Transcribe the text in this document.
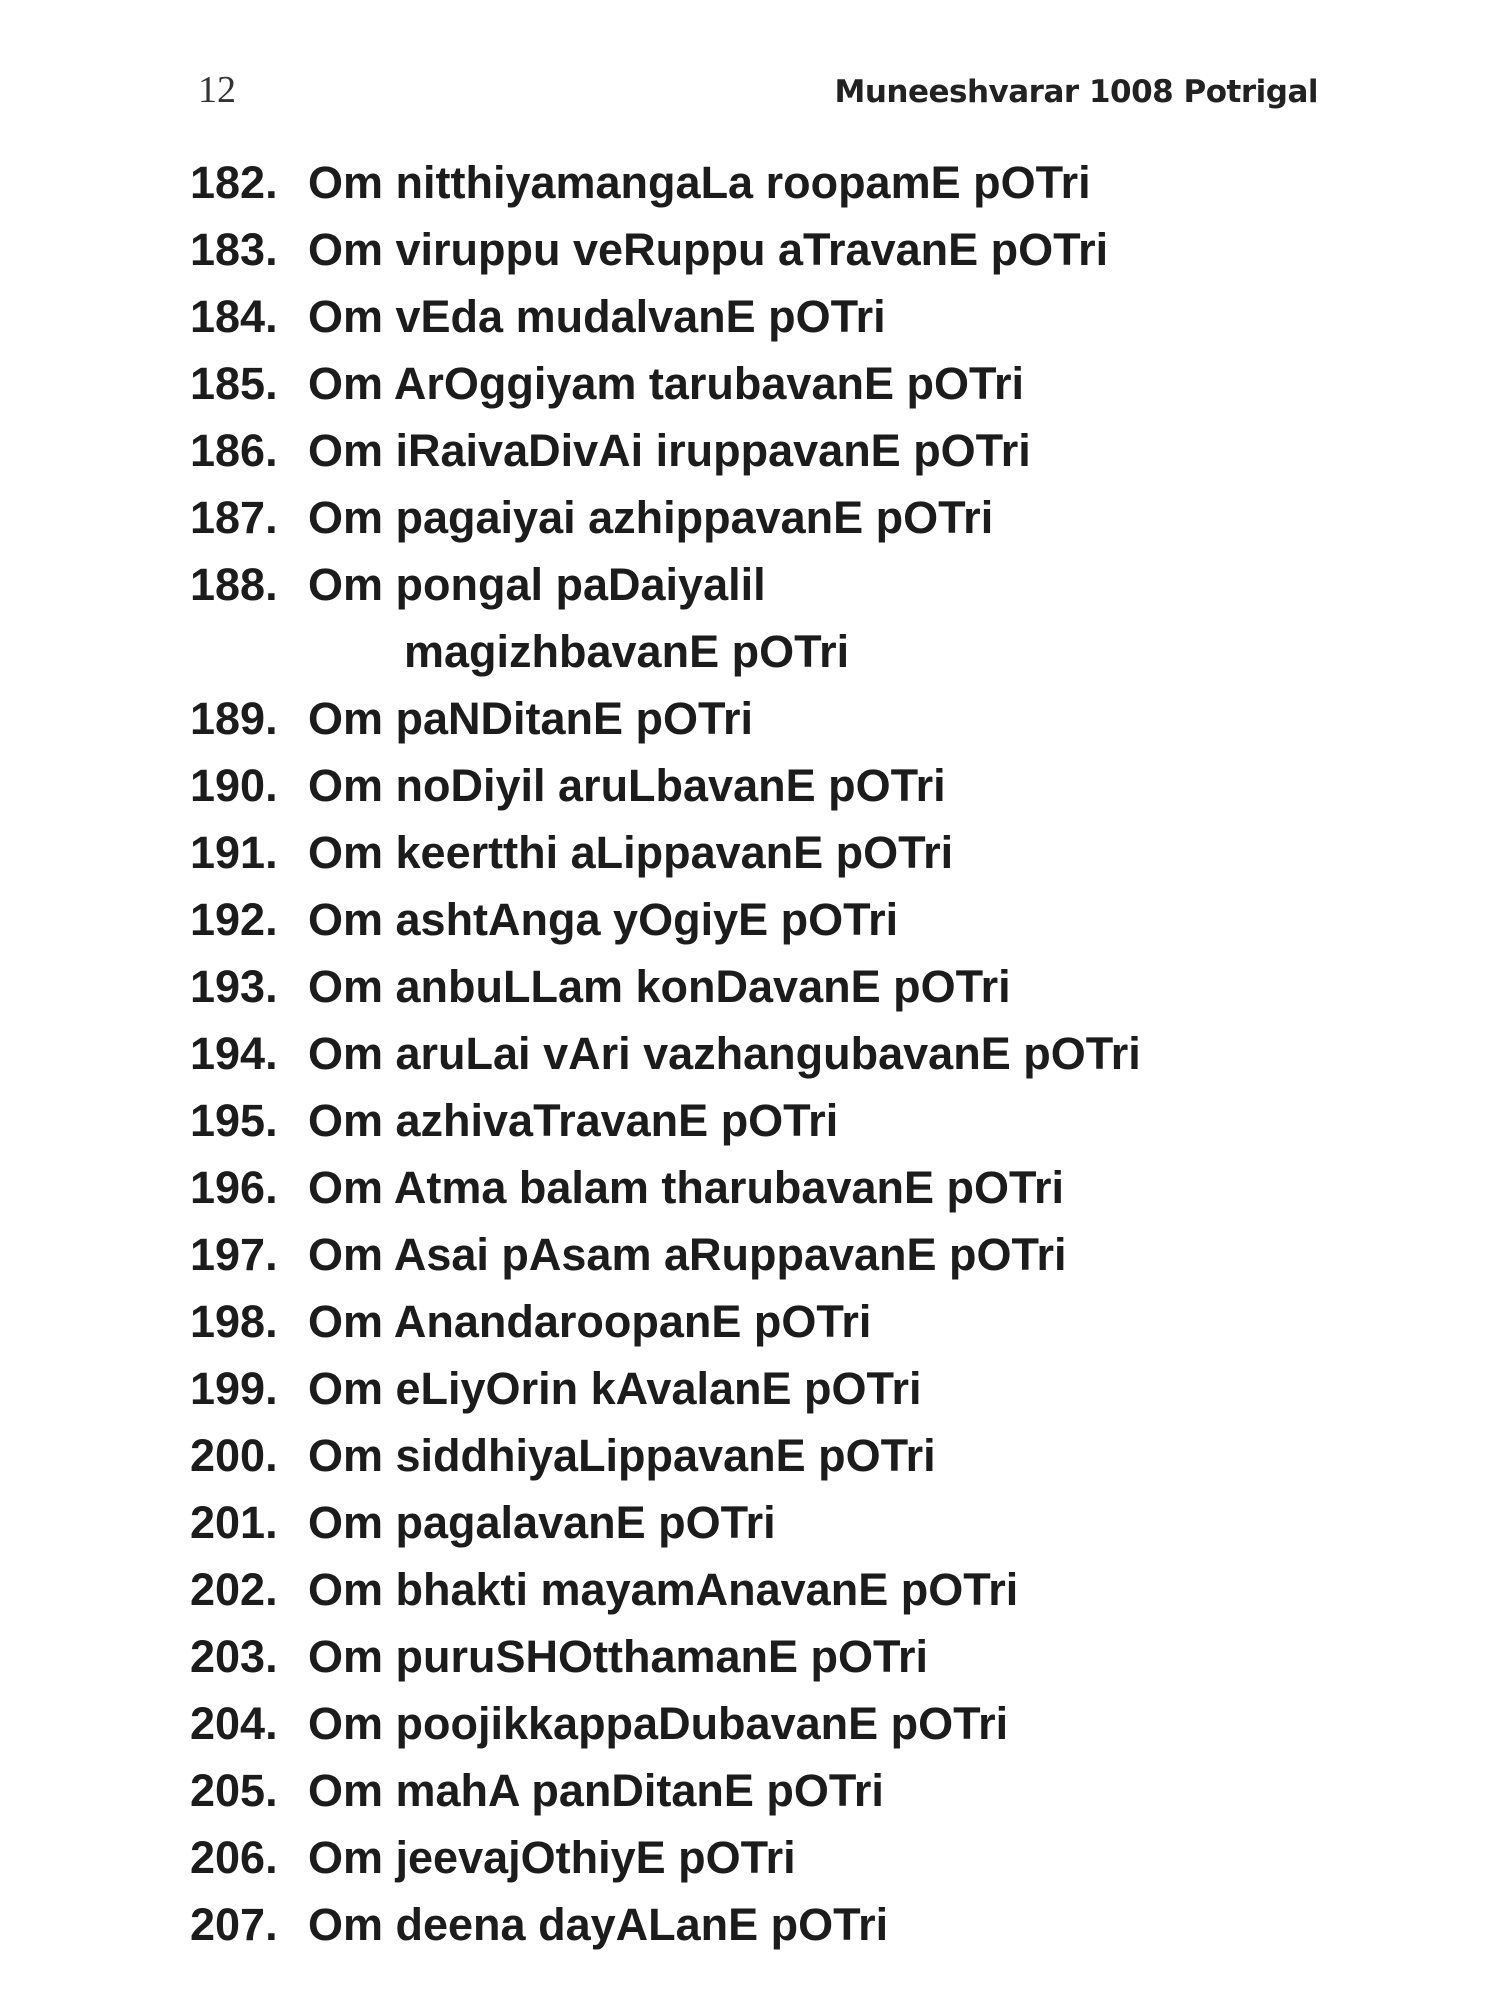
12	Muneeshvarar 1008 Potrigal
182. Om nitthiyamangaLa roopamE pOTri
183. Om viruppu veRuppu aTravanE pOTri
184. Om vEda mudalvanE pOTri
185. Om ArOggiyam tarubavanE pOTri
186. Om iRaivaDivAi iruppavanE pOTri
187. Om pagaiyai azhippavanE pOTri
188. Om pongal paDaiyalil
magizhbavanE pOTri
189. Om paNDitanE pOTri
190. Om noDiyil aruLbavanE pOTri
191. Om keertthi aLippavanE pOTri
192. Om ashtAnga yOgiyE pOTri
193. Om anbuLLam konDavanE pOTri
194. Om aruLai vAri vazhangubavanE pOTri
195. Om azhivaTravanE pOTri
196. Om Atma balam tharubavanE pOTri
197. Om Asai pAsam aRuppavanE pOTri
198. Om AnandaroopanE pOTri
199. Om eLiyOrin kAvalanE pOTri
200. Om siddhiyaLippavanE pOTri
201. Om pagalavanE pOTri
202. Om bhakti mayamAnavanE pOTri
203. Om puruSHOtthamanE pOTri
204. Om poojikkappaDubavanE pOTri
205. Om mahA panDitanE pOTri
206. Om jeevajOthiyE pOTri
207. Om deena dayALanE pOTri
